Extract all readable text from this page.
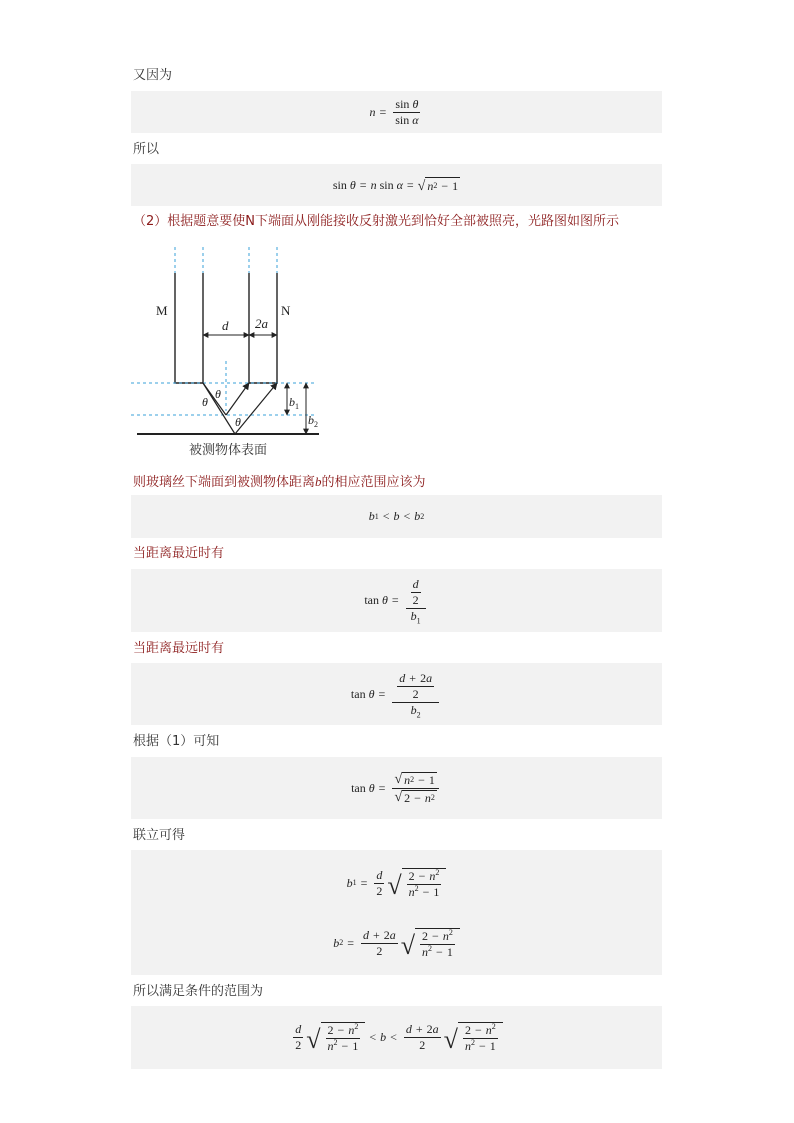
又因为
$n = \frac{\text{sin θ}}{\text{sin α}}$
所以
sin
θ = n
sin
α = √ n 2 − 1
（2）根据题意要使N下端面从刚能接收反射激光到恰好全部被照亮，光路图如图所示
M	N
d 2a
θ
θ
θ
$b_1$
$b_2$
被测物体表面
则玻璃丝下端面到被测物体距离b的相应范围应该为
b 1 < b < b 2
当距离最近时有
tan
$\theta = \frac{\frac{d}{2}}{b_1}$
当距离最远时有
tan
$\theta = \frac{\frac{d + 2a}{2}}{b_2}$
根据（1）可知
tan
$\theta = \frac{√ n 2 - 1}{√ 2 - n 2}$
联立可得
b $1 = \frac{d}{2}$ √ $\frac{2 - n^2}{n^2 - 1}$
b $2 = \frac{d + 2a}{2}$ √ $\frac{2 - n^2}{n^2 - 1}$
所以满足条件的范围为
$\frac{d}{2}$ √ $\frac{2 - n^2}{n^2 - 1} < b < \frac{d + 2a}{2}$ √ $\frac{2 - n^2}{n^2 - 1}$
